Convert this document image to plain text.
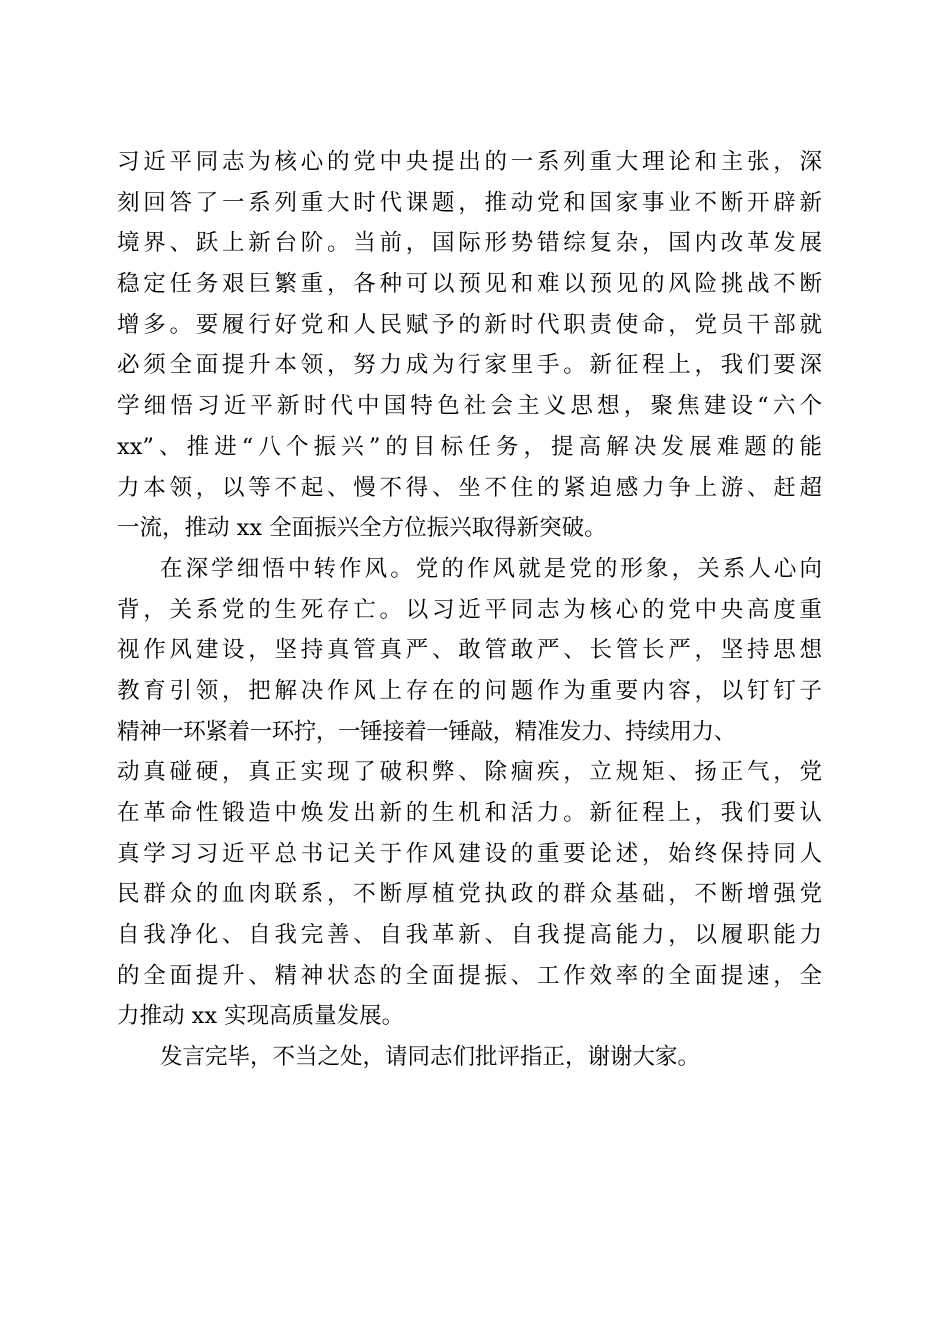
习近平同志为核心的党中央提出的一系列重大理论和主张，深
刻回答了一系列重大时代课题，推动党和国家事业不断开辟新
境界、跃上新台阶。当前，国际形势错综复杂，国内改革发展
稳定任务艰巨繁重，各种可以预见和难以预见的风险挑战不断
增多。要履行好党和人民赋予的新时代职责使命，党员干部就
必须全面提升本领，努力成为行家里手。新征程上，我们要深
学细悟习近平新时代中国特色社会主义思想，聚焦建设“六个
xx”、推进“八个振兴”的目标任务，提高解决发展难题的能
力本领，以等不起、慢不得、坐不住的紧迫感力争上游、赶超
一流，推动 xx 全面振兴全方位振兴取得新突破。
在深学细悟中转作风。党的作风就是党的形象，关系人心向
背，关系党的生死存亡。以习近平同志为核心的党中央高度重
视作风建设，坚持真管真严、敢管敢严、长管长严，坚持思想
教育引领，把解决作风上存在的问题作为重要内容，以钉钉子
精神一环紧着一环拧，一锤接着一锤敲，精准发力、持续用力、
动真碰硬，真正实现了破积弊、除痼疾，立规矩、扬正气，党
在革命性锻造中焕发出新的生机和活力。新征程上，我们要认
真学习习近平总书记关于作风建设的重要论述，始终保持同人
民群众的血肉联系，不断厚植党执政的群众基础，不断增强党
自我净化、自我完善、自我革新、自我提高能力，以履职能力
的全面提升、精神状态的全面提振、工作效率的全面提速，全
力推动 xx 实现高质量发展。
发言完毕，不当之处，请同志们批评指正，谢谢大家。
